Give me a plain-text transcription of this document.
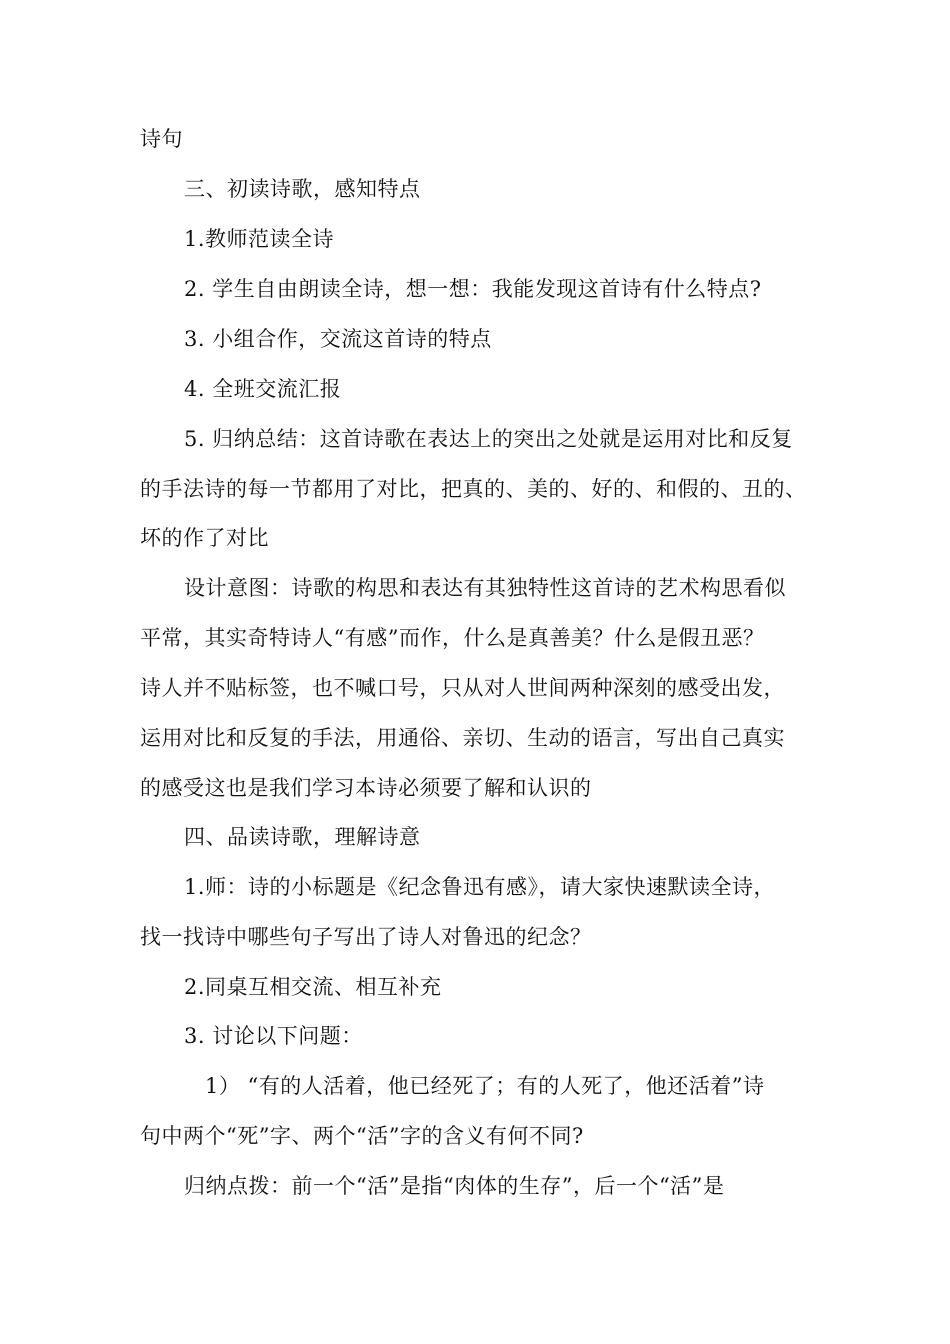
诗句
三、初读诗歌，感知特点
1.教师范读全诗
2. 学生自由朗读全诗，想一想：我能发现这首诗有什么特点?
3. 小组合作，交流这首诗的特点
4. 全班交流汇报
5. 归纳总结：这首诗歌在表达上的突出之处就是运用对比和反复
的手法诗的每一节都用了对比，把真的、美的、好的、和假的、丑的、
坏的作了对比
设计意图：诗歌的构思和表达有其独特性这首诗的艺术构思看似
平常，其实奇特诗人“有感”而作，什么是真善美？什么是假丑恶？
诗人并不贴标签，也不喊口号，只从对人世间两种深刻的感受出发，
运用对比和反复的手法，用通俗、亲切、生动的语言，写出自己真实
的感受这也是我们学习本诗必须要了解和认识的
四、品读诗歌，理解诗意
1.师：诗的小标题是《纪念鲁迅有感》，请大家快速默读全诗，
找一找诗中哪些句子写出了诗人对鲁迅的纪念？
2.同桌互相交流、相互补充
3. 讨论以下问题：
1） “有的人活着，他已经死了；有的人死了，他还活着”诗
句中两个“死”字、两个“活”字的含义有何不同?
归纳点拨：前一个“活”是指“肉体的生存”，后一个“活”是
